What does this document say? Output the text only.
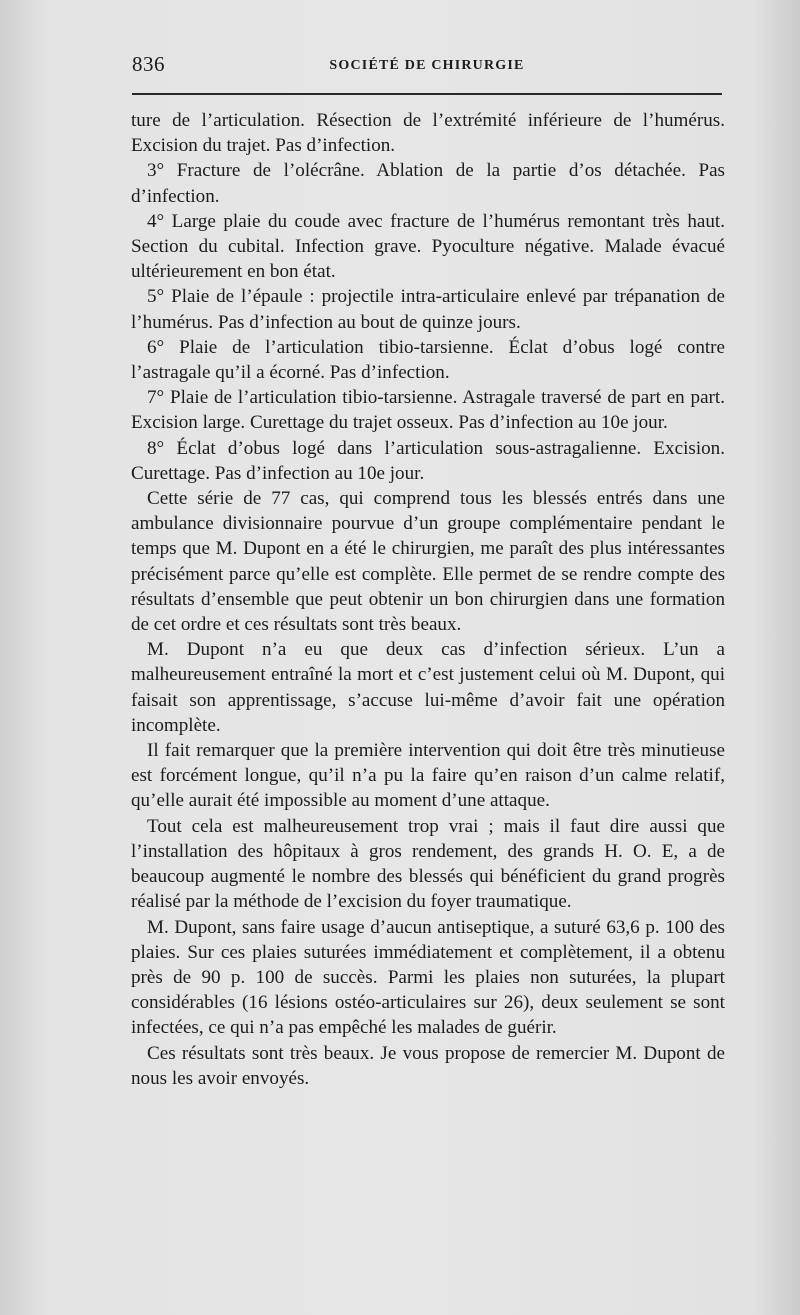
836	SOCIÉTÉ DE CHIRURGIE

ture de l’articulation. Résection de l’extrémité inférieure de l’humérus. Excision du trajet. Pas d’infection.

3° Fracture de l’olécrâne. Ablation de la partie d’os détachée. Pas d’infection.

4° Large plaie du coude avec fracture de l’humérus remontant très haut. Section du cubital. Infection grave. Pyoculture négative. Malade évacué ultérieurement en bon état.

5° Plaie de l’épaule : projectile intra-articulaire enlevé par trépanation de l’humérus. Pas d’infection au bout de quinze jours.

6° Plaie de l’articulation tibio-tarsienne. Éclat d’obus logé contre l’astragale qu’il a écorné. Pas d’infection.

7° Plaie de l’articulation tibio-tarsienne. Astragale traversé de part en part. Excision large. Curettage du trajet osseux. Pas d’infection au 10e jour.

8° Éclat d’obus logé dans l’articulation sous-astragalienne. Excision. Curettage. Pas d’infection au 10e jour.

Cette série de 77 cas, qui comprend tous les blessés entrés dans une ambulance divisionnaire pourvue d’un groupe complémentaire pendant le temps que M. Dupont en a été le chirurgien, me paraît des plus intéressantes précisément parce qu’elle est complète. Elle permet de se rendre compte des résultats d’ensemble que peut obtenir un bon chirurgien dans une formation de cet ordre et ces résultats sont très beaux.

M. Dupont n’a eu que deux cas d’infection sérieux. L’un a malheureusement entraîné la mort et c’est justement celui où M. Dupont, qui faisait son apprentissage, s’accuse lui-même d’avoir fait une opération incomplète.

Il fait remarquer que la première intervention qui doit être très minutieuse est forcément longue, qu’il n’a pu la faire qu’en raison d’un calme relatif, qu’elle aurait été impossible au moment d’une attaque.

Tout cela est malheureusement trop vrai ; mais il faut dire aussi que l’installation des hôpitaux à gros rendement, des grands H. O. E, a de beaucoup augmenté le nombre des blessés qui bénéficient du grand progrès réalisé par la méthode de l’excision du foyer traumatique.

M. Dupont, sans faire usage d’aucun antiseptique, a suturé 63,6 p. 100 des plaies. Sur ces plaies suturées immédiatement et complètement, il a obtenu près de 90 p. 100 de succès. Parmi les plaies non suturées, la plupart considérables (16 lésions ostéo-articulaires sur 26), deux seulement se sont infectées, ce qui n’a pas empêché les malades de guérir.

Ces résultats sont très beaux. Je vous propose de remercier M. Dupont de nous les avoir envoyés.
